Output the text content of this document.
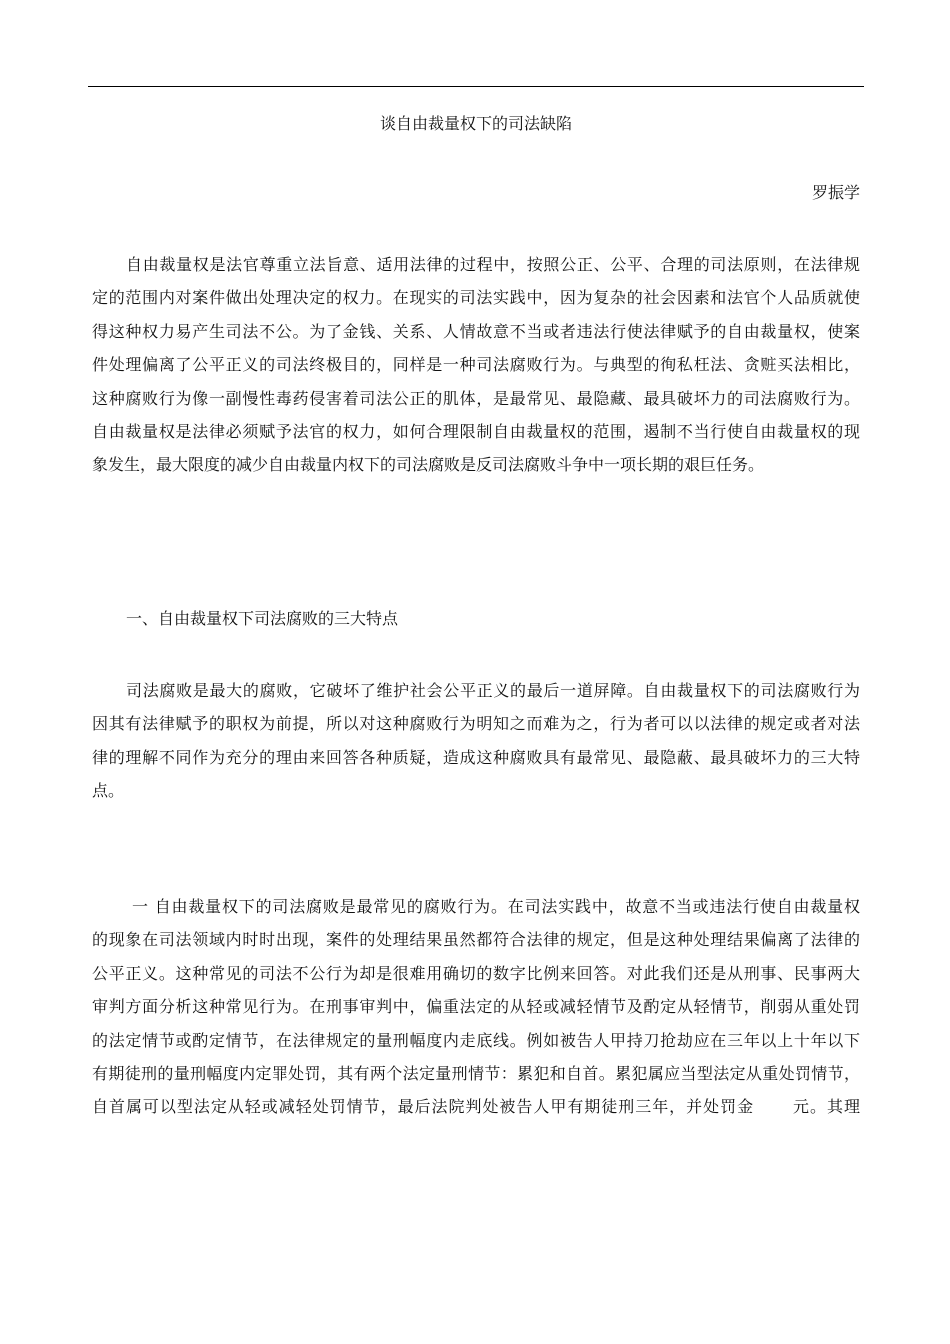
谈自由裁量权下的司法缺陷
罗振学
自由裁量权是法官尊重立法旨意、适用法律的过程中，按照公正、公平、合理的司法原则，在法律规
定的范围内对案件做出处理决定的权力。在现实的司法实践中，因为复杂的社会因素和法官个人品质就使
得这种权力易产生司法不公。为了金钱、关系、人情故意不当或者违法行使法律赋予的自由裁量权，使案
件处理偏离了公平正义的司法终极目的，同样是一种司法腐败行为。与典型的徇私枉法、贪赃买法相比，
这种腐败行为像一副慢性毒药侵害着司法公正的肌体，是最常见、最隐藏、最具破坏力的司法腐败行为。
自由裁量权是法律必须赋予法官的权力，如何合理限制自由裁量权的范围，遏制不当行使自由裁量权的现
象发生，最大限度的减少自由裁量内权下的司法腐败是反司法腐败斗争中一项长期的艰巨任务。
一、自由裁量权下司法腐败的三大特点
司法腐败是最大的腐败，它破坏了维护社会公平正义的最后一道屏障。自由裁量权下的司法腐败行为
因其有法律赋予的职权为前提，所以对这种腐败行为明知之而难为之，行为者可以以法律的规定或者对法
律的理解不同作为充分的理由来回答各种质疑，造成这种腐败具有最常见、最隐蔽、最具破坏力的三大特
点。
一 自由裁量权下的司法腐败是最常见的腐败行为。在司法实践中，故意不当或违法行使自由裁量权
的现象在司法领域内时时出现，案件的处理结果虽然都符合法律的规定，但是这种处理结果偏离了法律的
公平正义。这种常见的司法不公行为却是很难用确切的数字比例来回答。对此我们还是从刑事、民事两大
审判方面分析这种常见行为。在刑事审判中，偏重法定的从轻或减轻情节及酌定从轻情节，削弱从重处罚
的法定情节或酌定情节，在法律规定的量刑幅度内走底线。例如被告人甲持刀抢劫应在三年以上十年以下
有期徒刑的量刑幅度内定罪处罚，其有两个法定量刑情节：累犯和自首。累犯属应当型法定从重处罚情节，
自首属可以型法定从轻或减轻处罚情节，最后法院判处被告人甲有期徒刑三年，并处罚金 元。其理
